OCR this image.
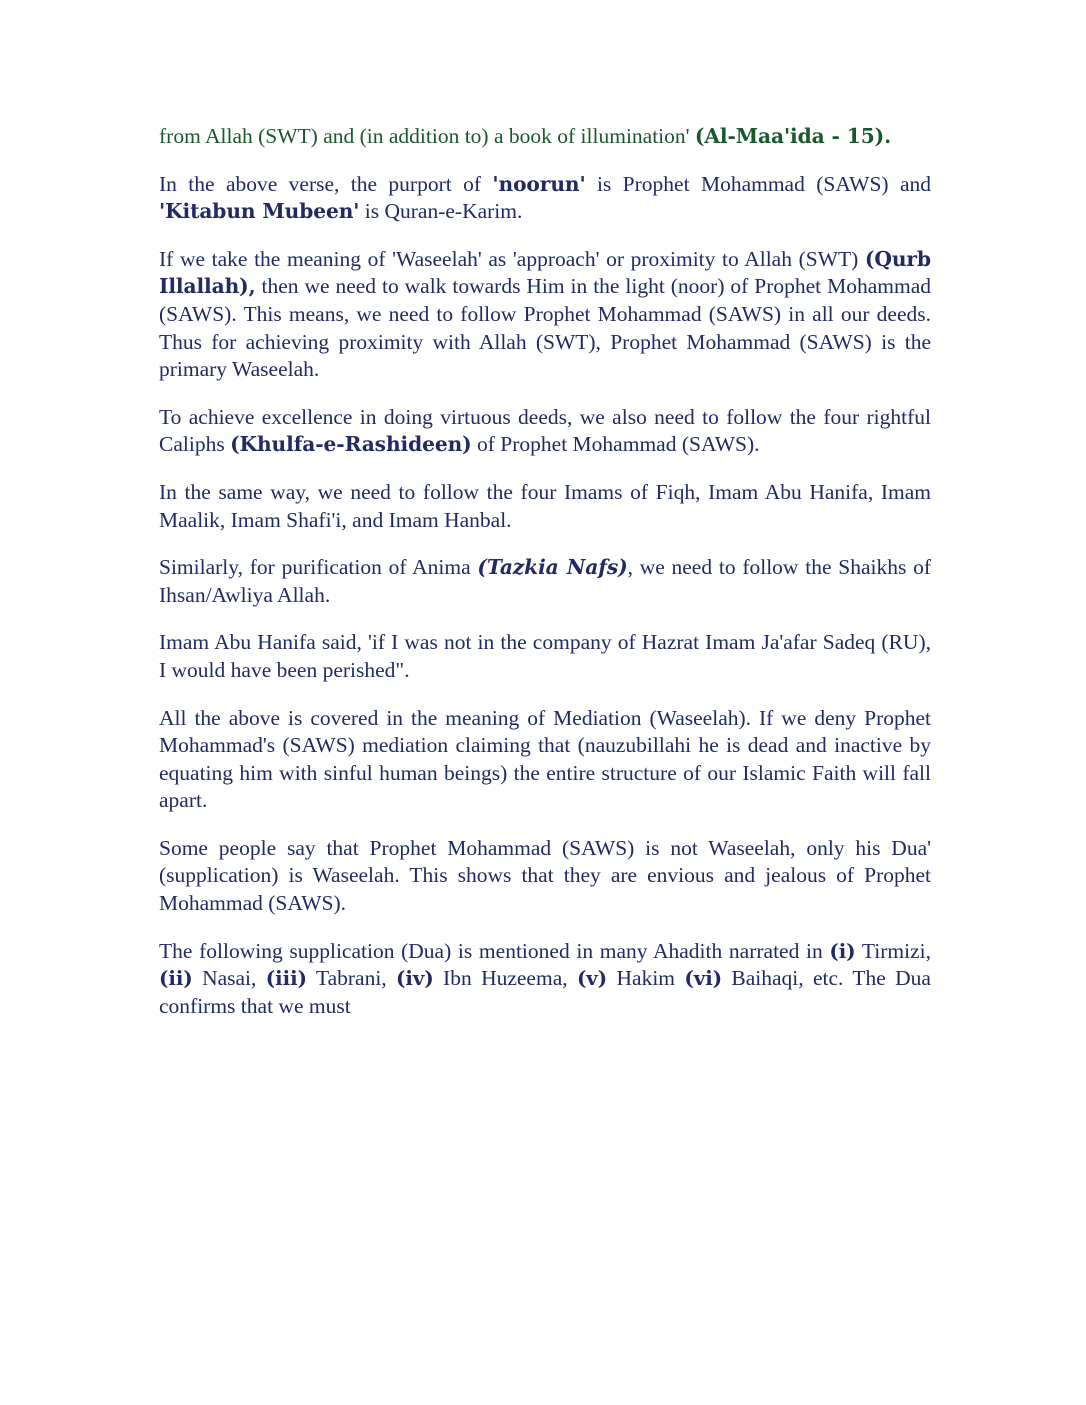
from Allah (SWT) and (in addition to) a book of illumination' (Al-Maa'ida - 15).

In the above verse, the purport of 'noorun' is Prophet Mohammad (SAWS) and 'Kitabun Mubeen' is Quran-e-Karim.

If we take the meaning of 'Waseelah' as 'approach' or proximity to Allah (SWT) (Qurb Illallah), then we need to walk towards Him in the light (noor) of Prophet Mohammad (SAWS). This means, we need to follow Prophet Mohammad (SAWS) in all our deeds. Thus for achieving proximity with Allah (SWT), Prophet Mohammad (SAWS) is the primary Waseelah.

To achieve excellence in doing virtuous deeds, we also need to follow the four rightful Caliphs (Khulfa-e-Rashideen) of Prophet Mohammad (SAWS).

In the same way, we need to follow the four Imams of Fiqh, Imam Abu Hanifa, Imam Maalik, Imam Shafi'i, and Imam Hanbal.

Similarly, for purification of Anima (Tazkia Nafs), we need to follow the Shaikhs of Ihsan/Awliya Allah.

Imam Abu Hanifa said, 'if I was not in the company of Hazrat Imam Ja'afar Sadeq (RU), I would have been perished".

All the above is covered in the meaning of Mediation (Waseelah). If we deny Prophet Mohammad's (SAWS) mediation claiming that (nauzubillahi he is dead and inactive by equating him with sinful human beings) the entire structure of our Islamic Faith will fall apart.

Some people say that Prophet Mohammad (SAWS) is not Waseelah, only his Dua' (supplication) is Waseelah. This shows that they are envious and jealous of Prophet Mohammad (SAWS).

The following supplication (Dua) is mentioned in many Ahadith narrated in (i) Tirmizi, (ii) Nasai, (iii) Tabrani, (iv) Ibn Huzeema, (v) Hakim (vi) Baihaqi, etc. The Dua confirms that we must
